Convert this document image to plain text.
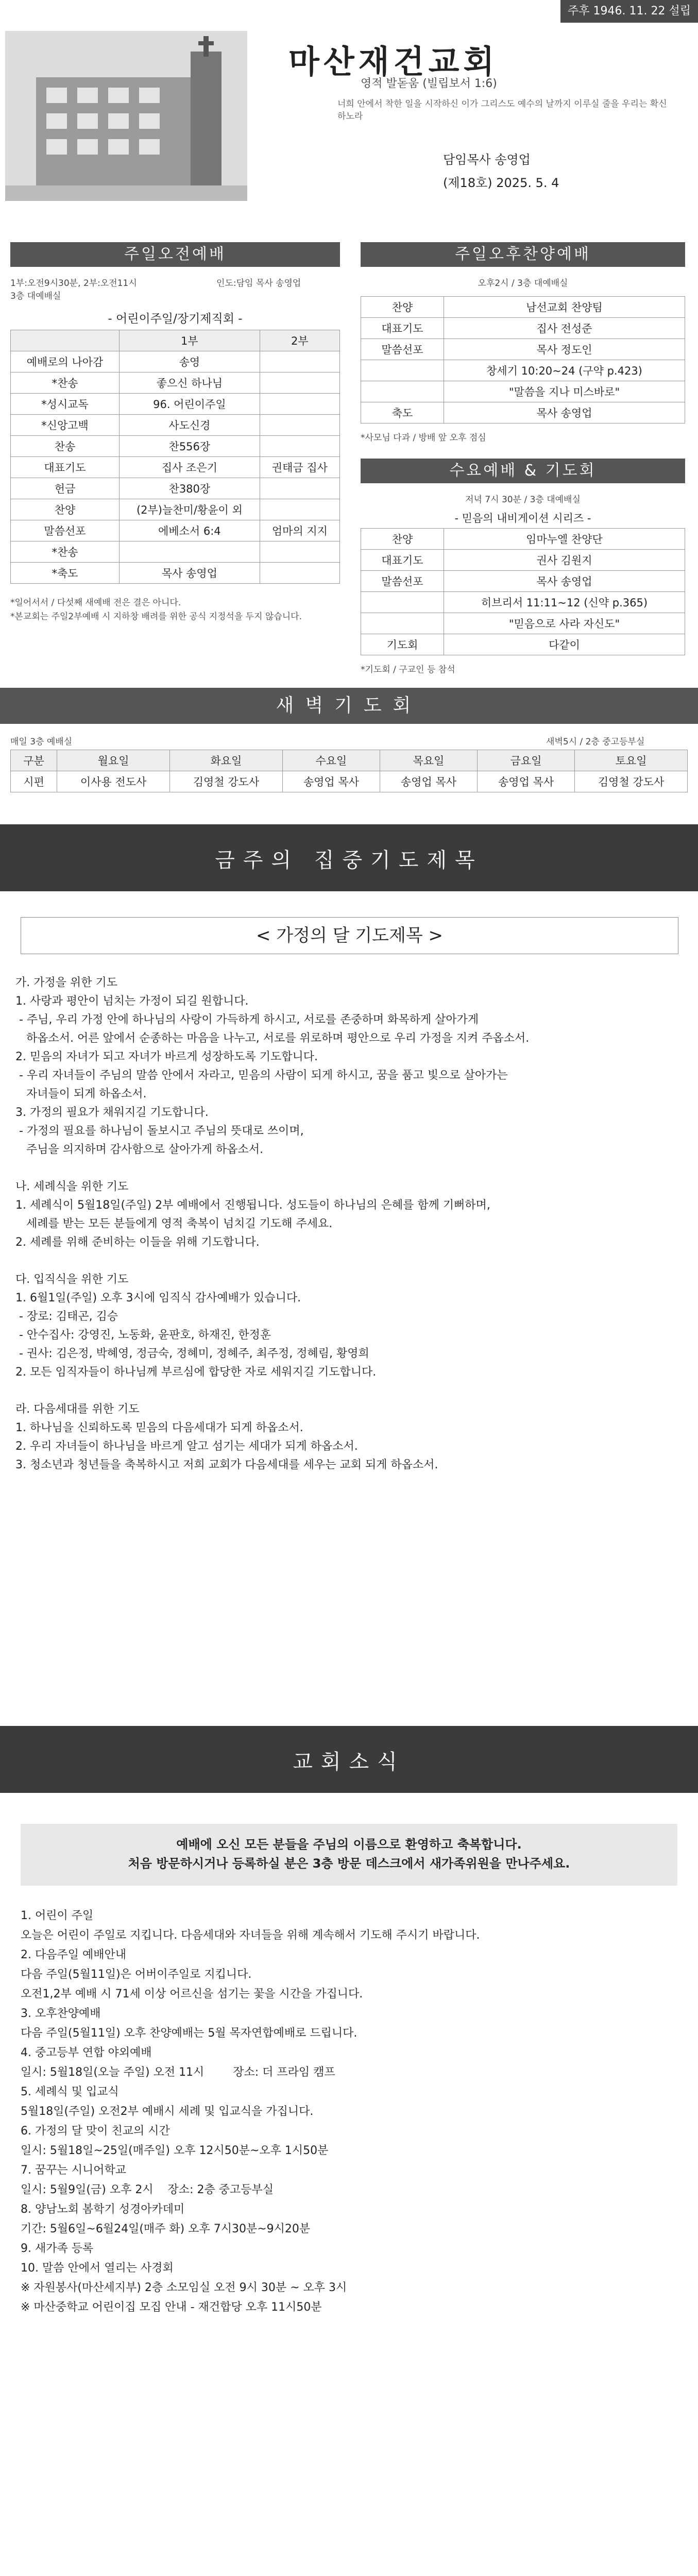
주후 1946. 11. 22 설립
마산재건교회
영적 발돋움 (빌립보서 1:6)
너희 안에서 착한 일을 시작하신 이가 그리스도 예수의 날까지 이루실 줄을 우리는 확신하노라
담임목사 송영업
(제18호) 2025. 5. 4
주일오전예배
1부:오전9시30분, 2부:오전11시	인도:담임 목사 송영업
3층 대예배실
- 어린이주일/장기제직회 -
	1부	2부
예배로의 나아감	송영	
*찬송	좋으신 하나님	
*성시교독	96. 어린이주일	
*신앙고백	사도신경	
찬송	찬556장	
대표기도	집사 조은기	권태금 집사
헌금	찬380장	
찬양	(2부)늘찬미/황윤이 외	
말씀선포	에베소서 6:4	엄마의 지지
*찬송		
*축도	목사 송영업	
*일어서서 / 다섯째 새예배 전은 결은 아니다.
*본교회는 주일2부예배 시 지하창 배려를 위한 공식 지정석을 두지 않습니다.
주일오후찬양예배
오후2시 / 3층 대예배실
찬양	남선교회 찬양팀
대표기도	집사 전성준
말씀선포	목사 정도인
	창세기 10:20~24 (구약 p.423)
	"말씀을 지나 미스바로"
축도	목사 송영업
*사모님 다과 / 방배 앞 오후 점심
수요예배 & 기도회
저녁 7시 30분 / 3층 대예배실
- 믿음의 내비게이션 시리즈 -
찬양	임마누엘 찬양단
대표기도	권사 김원지
말씀선포	목사 송영업
	히브리서 11:11~12 (신약 p.365)
	"믿음으로 사라 자신도"
기도회	다같이
*기도회 / 구교인 등 참석
새벽기도회
매일 3층 예배실	새벽5시 / 2층 중고등부실
구분	월요일	화요일	수요일	목요일	금요일	토요일
시편	이사용 전도사	김영철 강도사	송영업 목사	송영업 목사	송영업 목사	김영철 강도사
금주의 집중기도제목
< 가정의 달 기도제목 >
가. 가정을 위한 기도
1. 사랑과 평안이 넘치는 가정이 되길 원합니다.
- 주님, 우리 가정 안에 하나님의 사랑이 가득하게 하시고, 서로를 존중하며 화목하게 살아가게
하옵소서. 어른 앞에서 순종하는 마음을 나누고, 서로를 위로하며 평안으로 우리 가정을 지켜 주옵소서.
2. 믿음의 자녀가 되고 자녀가 바르게 성장하도록 기도합니다.
- 우리 자녀들이 주님의 말씀 안에서 자라고, 믿음의 사람이 되게 하시고, 꿈을 품고 빛으로 살아가는
자녀들이 되게 하옵소서.
3. 가정의 필요가 채워지길 기도합니다.
- 가정의 필요를 하나님이 돌보시고 주님의 뜻대로 쓰이며,
주님을 의지하며 감사함으로 살아가게 하옵소서.

나. 세례식을 위한 기도
1. 세례식이 5월18일(주일) 2부 예배에서 진행됩니다. 성도들이 하나님의 은혜를 함께 기뻐하며,
세례를 받는 모든 분들에게 영적 축복이 넘치길 기도해 주세요.
2. 세례를 위해 준비하는 이들을 위해 기도합니다.

다. 입직식을 위한 기도
1. 6월1일(주일) 오후 3시에 임직식 감사예배가 있습니다.
- 장로: 김태곤, 김승
- 안수집사: 강영진, 노동화, 윤판호, 하재진, 한정훈
- 권사: 김은정, 박혜영, 정금숙, 정혜미, 정혜주, 최주정, 정혜림, 황영희
2. 모든 임직자들이 하나님께 부르심에 합당한 자로 세워지길 기도합니다.

라. 다음세대를 위한 기도
1. 하나님을 신뢰하도록 믿음의 다음세대가 되게 하옵소서.
2. 우리 자녀들이 하나님을 바르게 알고 섬기는 세대가 되게 하옵소서.
3. 청소년과 청년들을 축복하시고 저희 교회가 다음세대를 세우는 교회 되게 하옵소서.
교회소식
예배에 오신 모든 분들을 주님의 이름으로 환영하고 축복합니다.
처음 방문하시거나 등록하실 분은 3층 방문 데스크에서 새가족위원을 만나주세요.
1. 어린이 주일
오늘은 어린이 주일로 지킵니다. 다음세대와 자녀들을 위해 계속해서 기도해 주시기 바랍니다.
2. 다음주일 예배안내
다음 주일(5월11일)은 어버이주일로 지킵니다.
오전1,2부 예배 시 71세 이상 어르신을 섬기는 꽃을 시간을 가집니다.
3. 오후찬양예배
다음 주일(5월11일) 오후 찬양예배는 5월 목자연합예배로 드립니다.
4. 중고등부 연합 야외예배
일시: 5월18일(오늘 주일) 오전 11시        장소: 더 프라임 캠프
5. 세례식 및 입교식
5월18일(주일) 오전2부 예배시 세례 및 입교식을 가집니다.
6. 가정의 달 맞이 친교의 시간
일시: 5월18일~25일(매주일) 오후 12시50분~오후 1시50분
7. 꿈꾸는 시니어학교
일시: 5월9일(금) 오후 2시    장소: 2층 중고등부실
8. 양남노회 봄학기 성경아카데미
기간: 5월6일~6월24일(매주 화) 오후 7시30분~9시20분
9. 새가족 등록
10. 말씀 안에서 열리는 사경회
※ 자원봉사(마산세지부) 2층 소모임실 오전 9시 30분 ~ 오후 3시
※ 마산중학교 어린이집 모집 안내 - 재건합당 오후 11시50분
